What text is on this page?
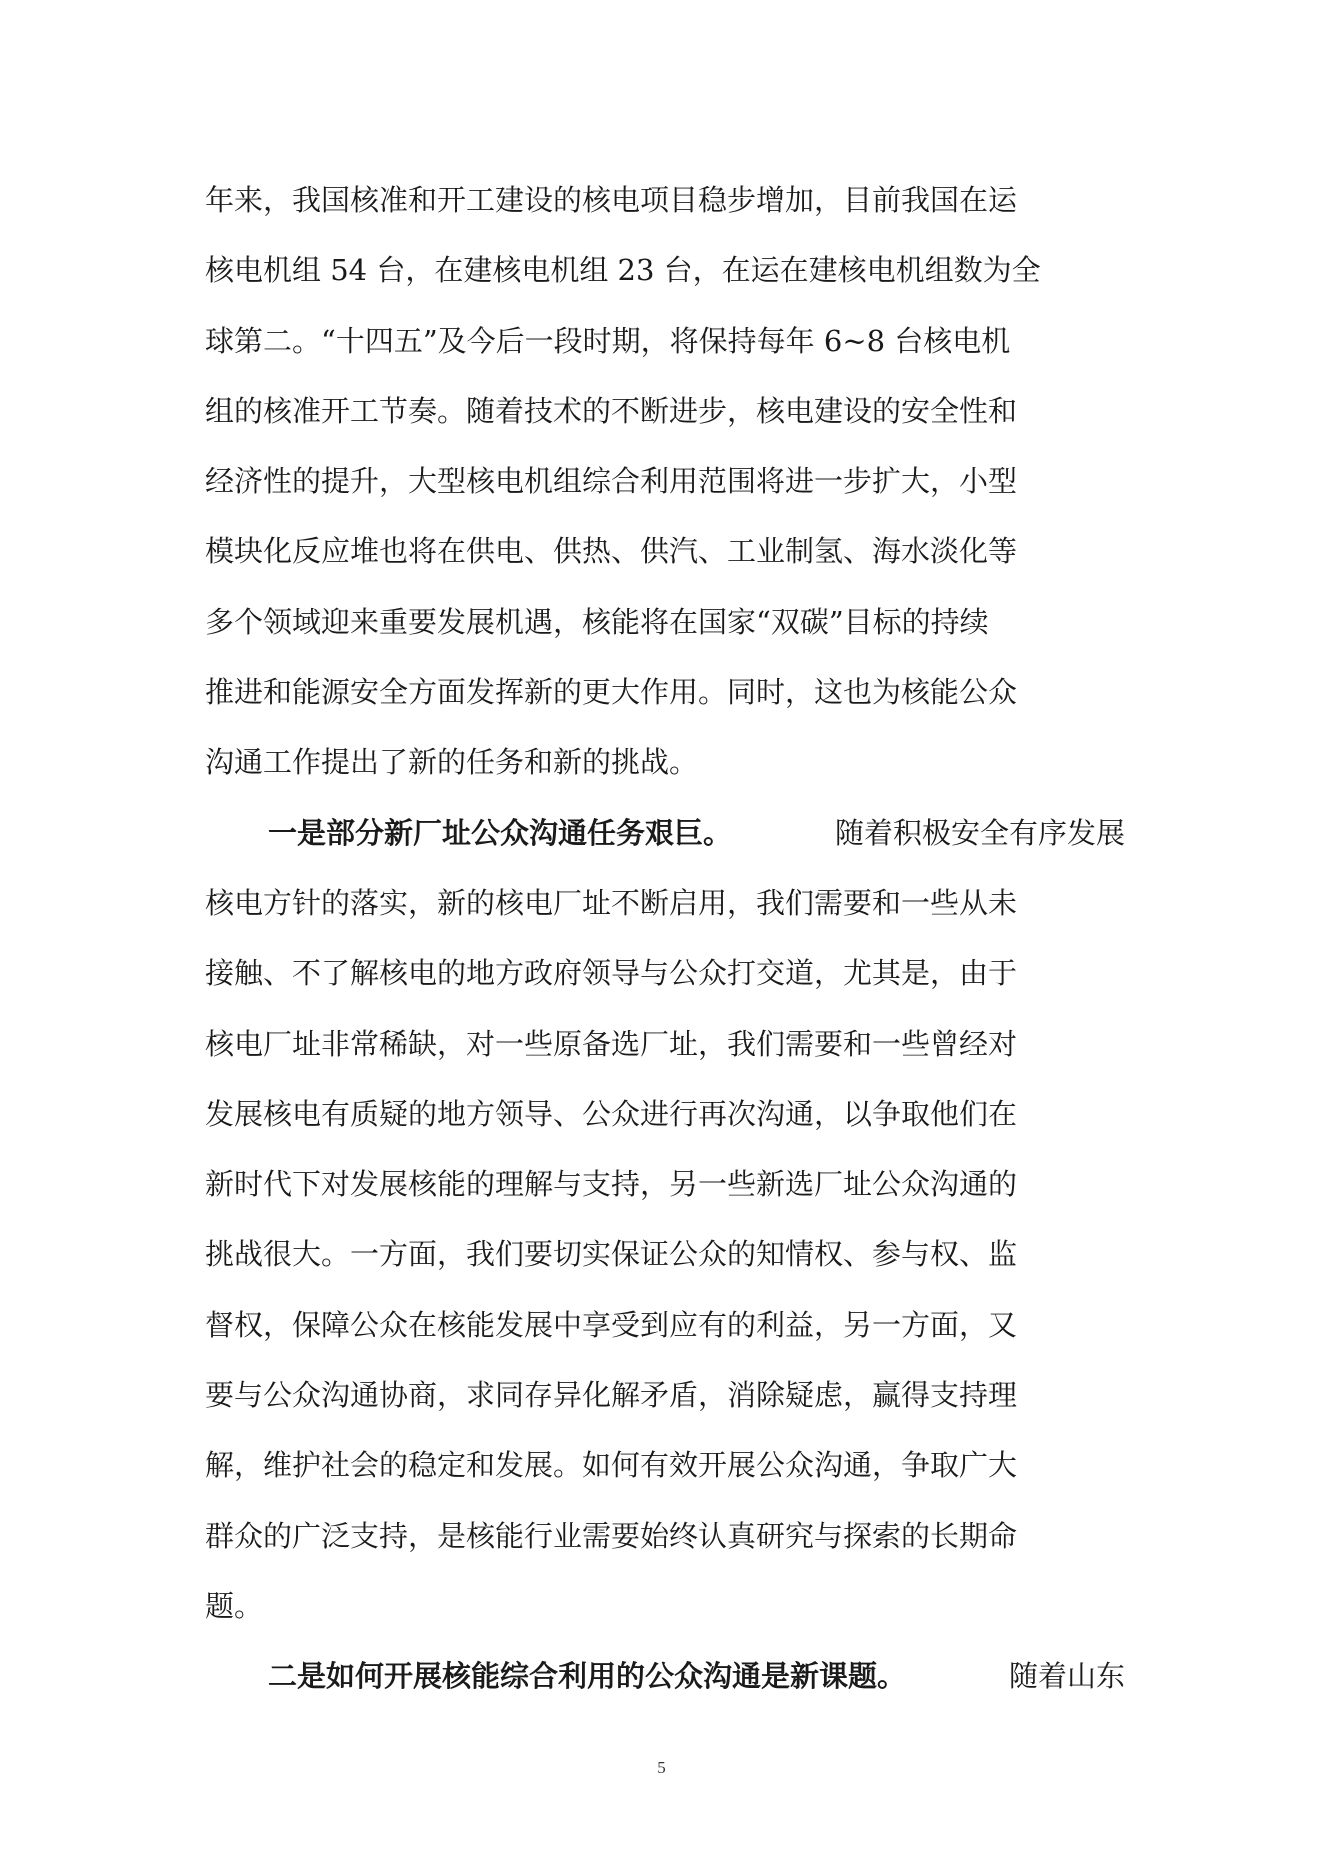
年来，我国核准和开工建设的核电项目稳步增加，目前我国在运
核电机组 54 台，在建核电机组 23 台，在运在建核电机组数为全
球第二。“十四五”及今后一段时期，将保持每年 6~8 台核电机
组的核准开工节奏。随着技术的不断进步，核电建设的安全性和
经济性的提升，大型核电机组综合利用范围将进一步扩大，小型
模块化反应堆也将在供电、供热、供汽、工业制氢、海水淡化等
多个领域迎来重要发展机遇，核能将在国家“双碳”目标的持续
推进和能源安全方面发挥新的更大作用。同时，这也为核能公众
沟通工作提出了新的任务和新的挑战。
一是部分新厂址公众沟通任务艰巨。	随着积极安全有序发展
核电方针的落实，新的核电厂址不断启用，我们需要和一些从未
接触、不了解核电的地方政府领导与公众打交道，尤其是，由于
核电厂址非常稀缺，对一些原备选厂址，我们需要和一些曾经对
发展核电有质疑的地方领导、公众进行再次沟通，以争取他们在
新时代下对发展核能的理解与支持，另一些新选厂址公众沟通的
挑战很大。一方面，我们要切实保证公众的知情权、参与权、监
督权，保障公众在核能发展中享受到应有的利益，另一方面，又
要与公众沟通协商，求同存异化解矛盾，消除疑虑，赢得支持理
解，维护社会的稳定和发展。如何有效开展公众沟通，争取广大
群众的广泛支持，是核能行业需要始终认真研究与探索的长期命
题。
二是如何开展核能综合利用的公众沟通是新课题。	随着山东
5
